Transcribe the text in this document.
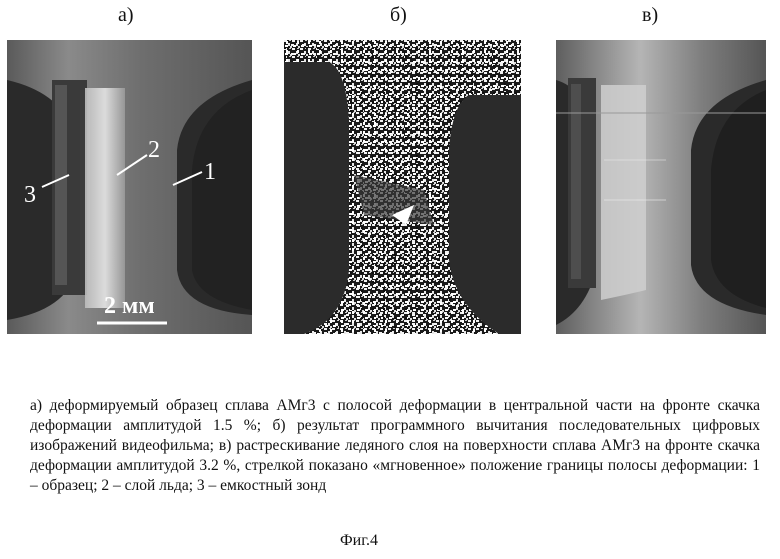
а)	б)	в)
2
1
3
2 мм

а) деформируемый образец сплава АМг3 с полосой деформации в центральной части на фронте скачка деформации амплитудой 1.5 %; б) результат программного вычитания последовательных цифровых изображений видеофильма; в) растрескивание ледяного слоя на поверхности сплава АМг3 на фронте скачка деформации амплитудой 3.2 %, стрелкой показано «мгновенное» положение границы полосы деформации: 1 – образец; 2 – слой льда; 3 – емкостный зонд

Фиг.4
